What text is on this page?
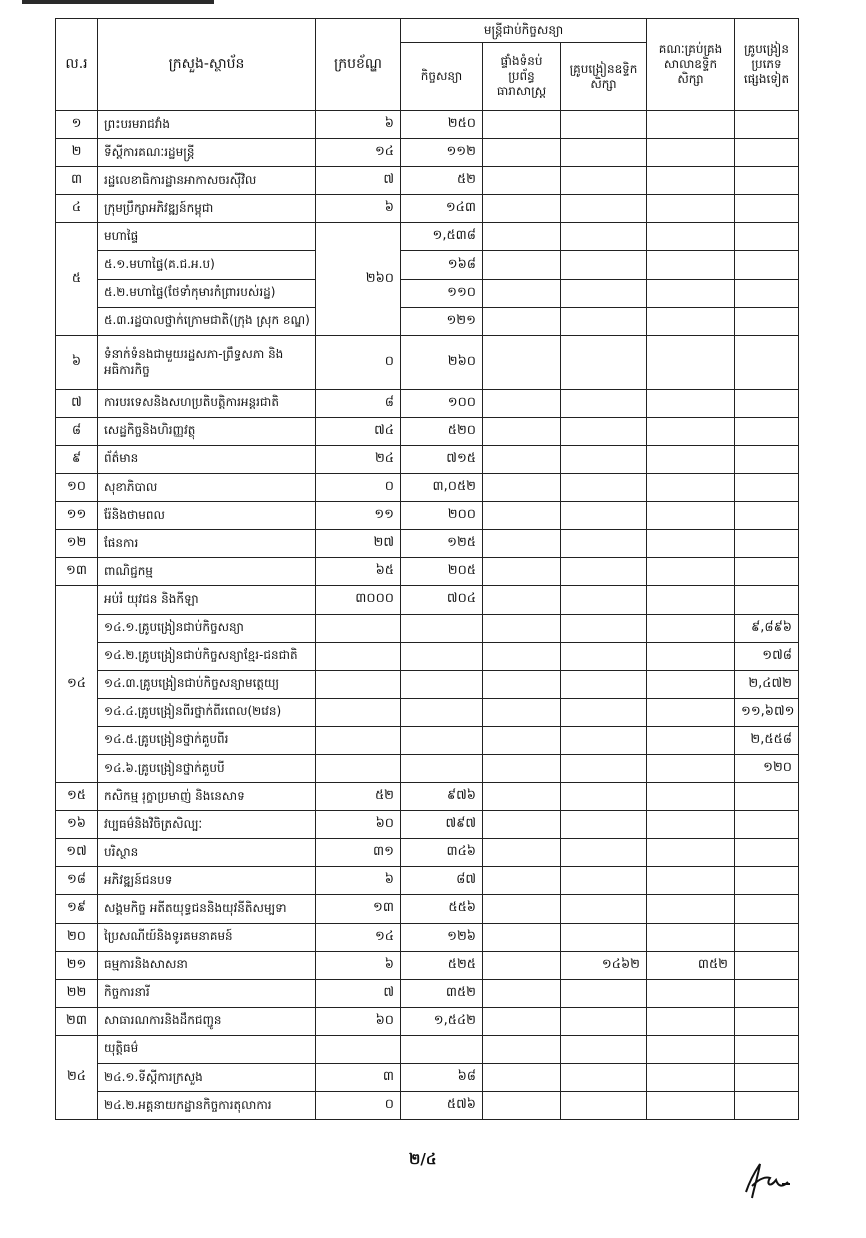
ល.រ	ក្រសួង-ស្ថាប័ន	ក្របខ័ណ្ឌ	មន្ត្រីជាប់កិច្ចសន្យា			គណៈគ្រប់គ្រងសាលាឧទ្ទិកសិក្សា	គ្រូបង្រៀនប្រភេទផ្សេងទៀត
			កិច្ចសន្យា	ផ្ទាំងទំនប់ប្រព័ន្ធធារាសាស្ត្រ	គ្រូបង្រៀនឧទ្ទិកសិក្សា		
១	ព្រះបរមរាជវាំង	៦	២៥០				
២	ទីស្ដីការគណៈរដ្ឋមន្ត្រី	១៤	១១២				
៣	រដ្ឋលេខាធិការដ្ឋានអាកាសចរស៊ីវិល	៧	៥២				
៤	ក្រុមប្រឹក្សាអភិវឌ្ឍន៍កម្ពុជា	៦	១៤៣				
៥	មហាផ្ទៃ	២៦០	១,៥៣៨				
	៥.១.មហាផ្ទៃ(គ.ជ.អ.ប)		១៦៨				
	៥.២.មហាផ្ទៃ(ថែទាំកុមារកំព្រារបស់រដ្ឋ)		១១០				
	៥.៣.រដ្ឋបាលថ្នាក់ក្រោមជាតិ(ក្រុង ស្រុក ខណ្ឌ)		១២១				
៦	ទំនាក់ទំនងជាមួយរដ្ឋសភា-ព្រឹទ្ធសភា និងអធិការកិច្ច	០	២៦០				
៧	ការបរទេសនិងសហប្រតិបត្តិការអន្តរជាតិ	៨	១០០				
៨	សេដ្ឋកិច្ចនិងហិរញ្ញវត្ថុ	៧៤	៥២០				
៩	ព័ត៌មាន	២៤	៧១៥				
១០	សុខាភិបាល	០	៣,០៥២				
១១	រ៉ែនិងថាមពល	១១	២០០				
១២	ផែនការ	២៧	១២៥				
១៣	ពាណិជ្ជកម្ម	៦៥	២០៥				
១៤	អប់រំ យុវជន និងកីឡា	៣០០០	៧០៤				
	១៤.១.គ្រូបង្រៀនជាប់កិច្ចសន្យា						៩,៨៩៦
	១៤.២.គ្រូបង្រៀនជាប់កិច្ចសន្យាខ្មែរ-ជនជាតិ						១៧៨
	១៤.៣.គ្រូបង្រៀនជាប់កិច្ចសន្យាមត្តេយ្យ						២,៤៧២
	១៤.៤.គ្រូបង្រៀនពីរថ្នាក់ពីរពេល(២វេន)						១១,៦៧១
	១៤.៥.គ្រូបង្រៀនថ្នាក់គួបពីរ						២,៥៥៨
	១៤.៦.គ្រូបង្រៀនថ្នាក់គួបបី						១២០
១៥	កសិកម្ម រុក្ខាប្រមាញ់ និងនេសាទ	៥២	៩៧៦				
១៦	វប្បធម៌និងវិចិត្រសិល្បៈ	៦០	៧៩៧				
១៧	បរិស្ថាន	៣១	៣៤៦				
១៨	អភិវឌ្ឍន៍ជនបទ	៦	៨៧				
១៩	សង្គមកិច្ច អតីតយុទ្ធជននិងយុវនីតិសម្បទា	១៣	៥៥៦				
២០	ប្រៃសណីយ៍និងទូរគមនាគមន៍	១៤	១២៦				
២១	ធម្មការនិងសាសនា	៦	៥២៥		១៤៦២	៣៥២	
២២	កិច្ចការនារី	៧	៣៥២				
២៣	សាធារណការនិងដឹកជញ្ជូន	៦០	១,៥៤២				
២៤	យុត្តិធម៌						
	២៤.១.ទីស្ដីការក្រសួង	៣	៦៨				
	២៤.២.អគ្គនាយកដ្ឋានកិច្ចការតុលាការ	០	៥៧៦				
២/៤
